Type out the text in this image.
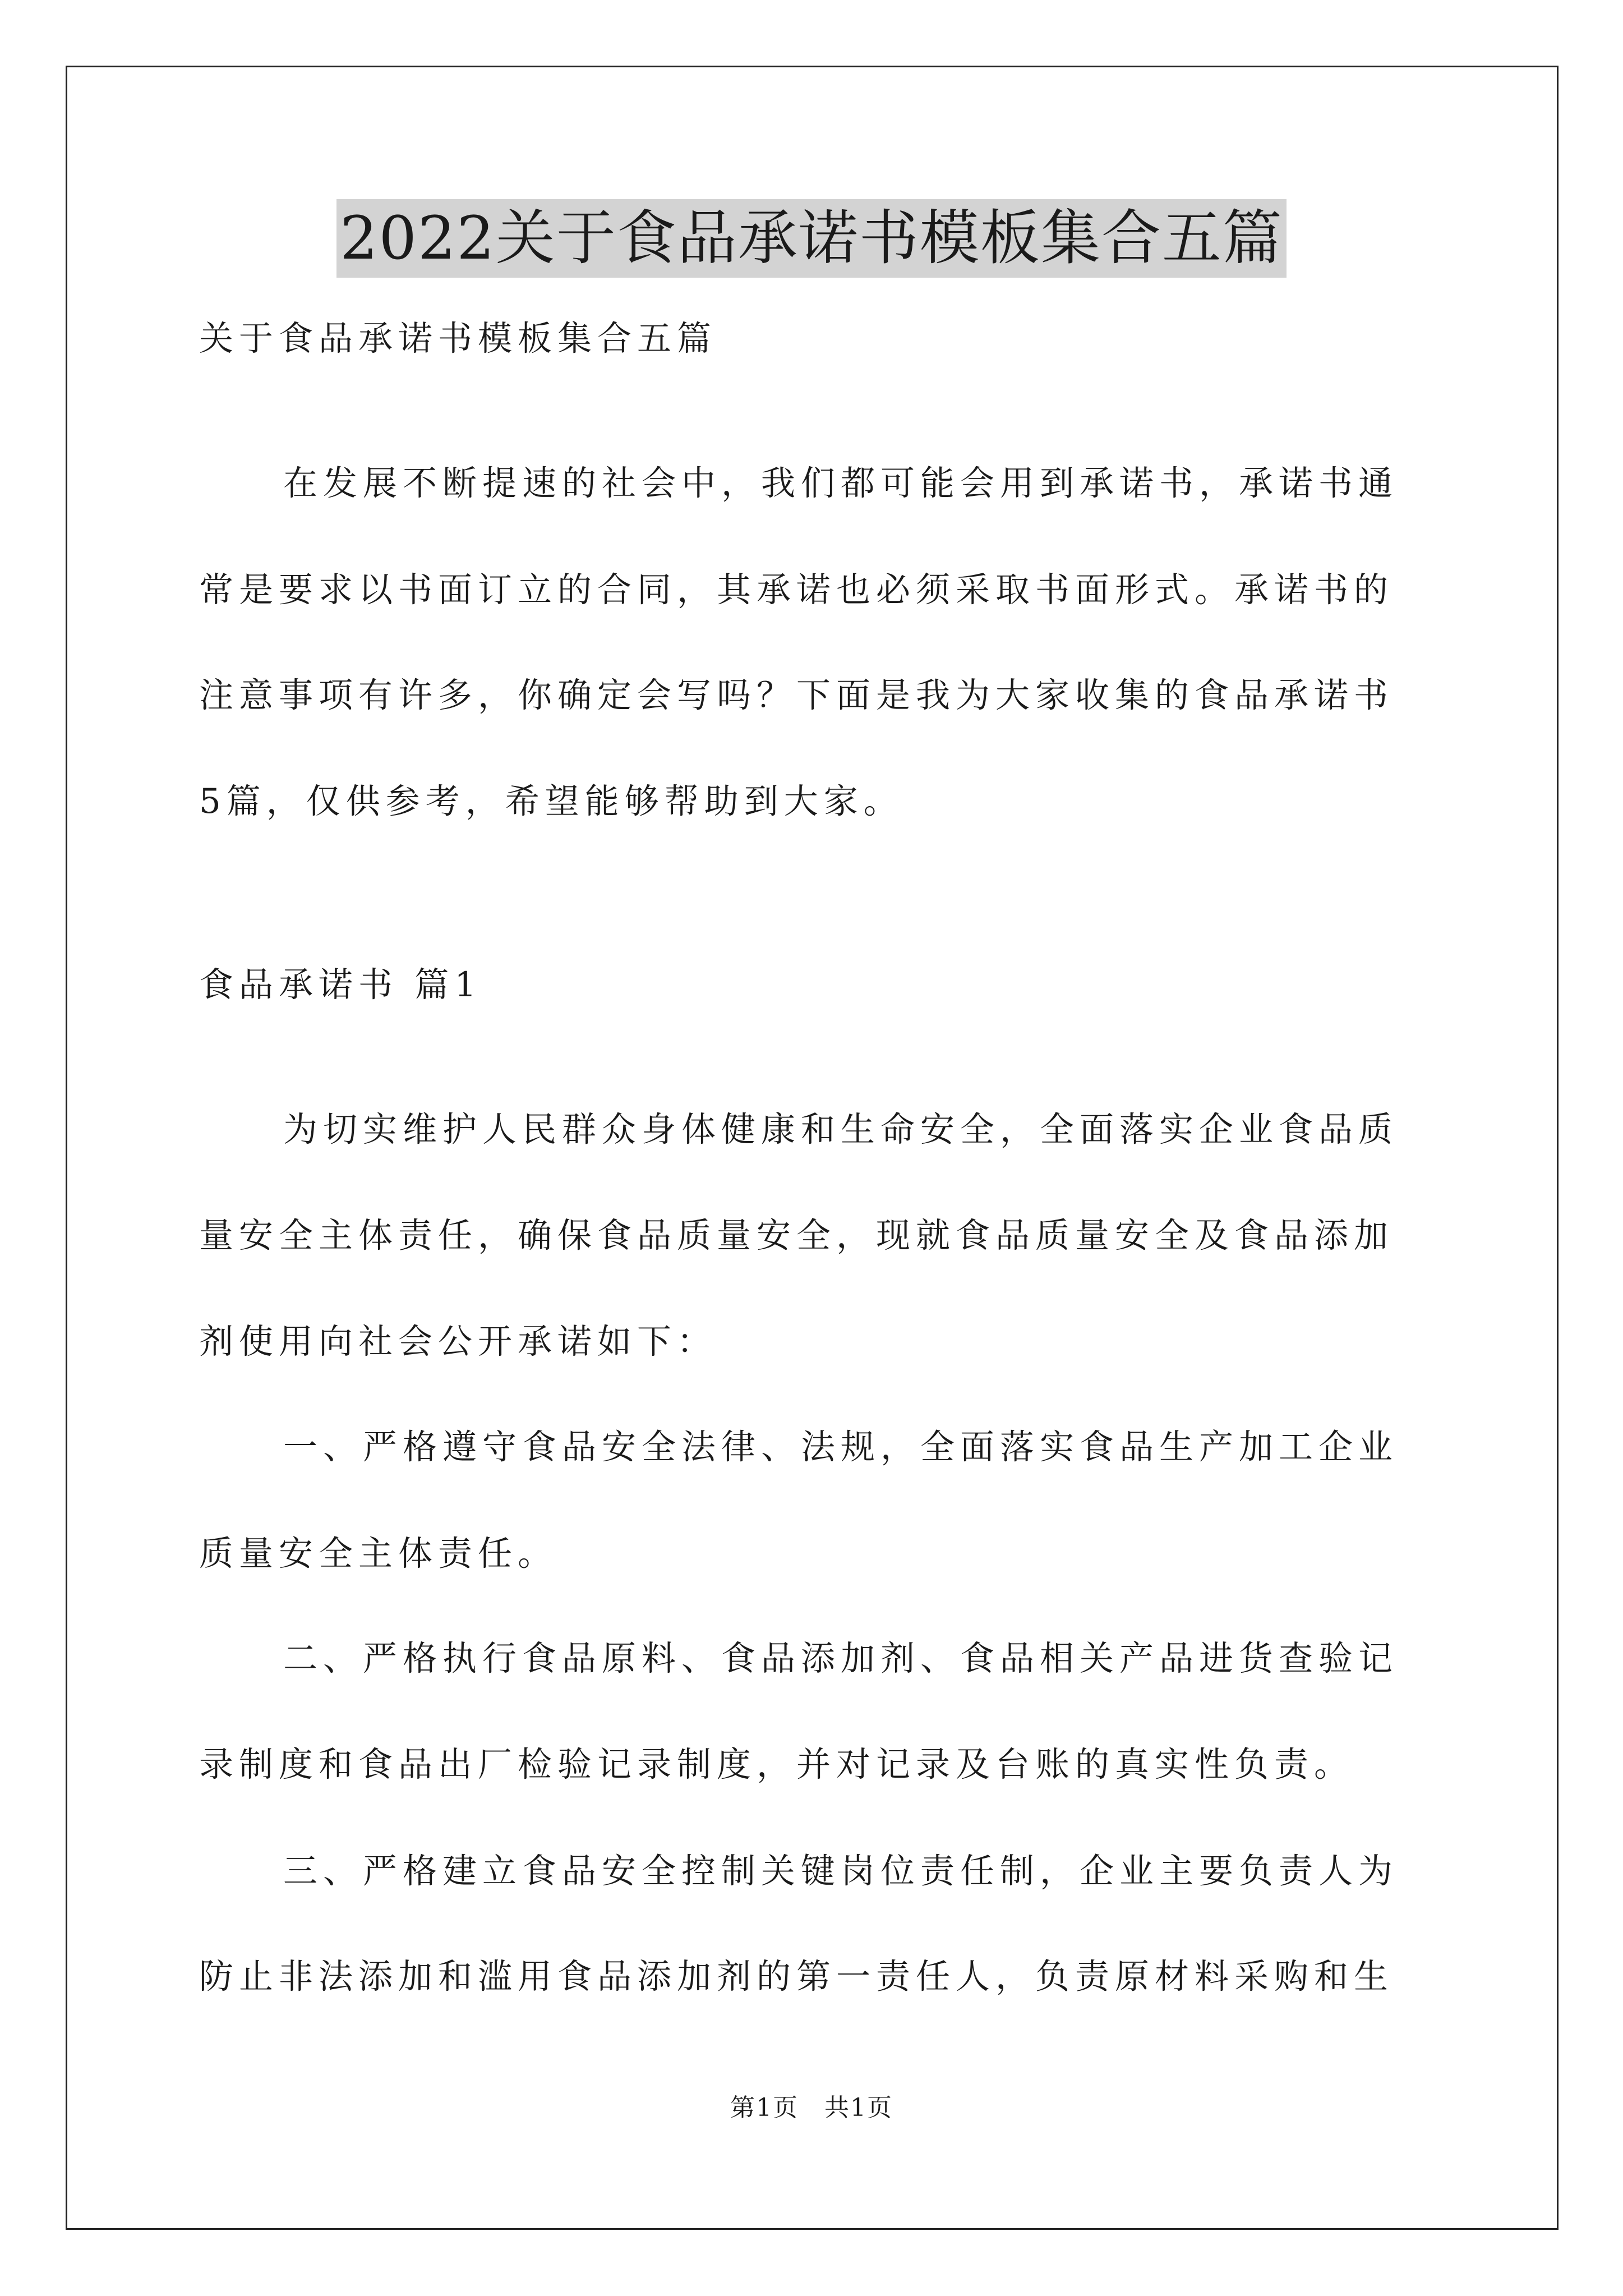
2022关于食品承诺书模板集合五篇

关于食品承诺书模板集合五篇

在发展不断提速的社会中，我们都可能会用到承诺书，承诺书通

常是要求以书面订立的合同，其承诺也必须采取书面形式。承诺书的

注意事项有许多，你确定会写吗？下面是我为大家收集的食品承诺书

5篇，仅供参考，希望能够帮助到大家。

食品承诺书 篇1

为切实维护人民群众身体健康和生命安全，全面落实企业食品质

量安全主体责任，确保食品质量安全，现就食品质量安全及食品添加

剂使用向社会公开承诺如下：

一、严格遵守食品安全法律、法规，全面落实食品生产加工企业

质量安全主体责任。

二、严格执行食品原料、食品添加剂、食品相关产品进货查验记

录制度和食品出厂检验记录制度，并对记录及台账的真实性负责。

三、严格建立食品安全控制关键岗位责任制，企业主要负责人为

防止非法添加和滥用食品添加剂的第一责任人，负责原材料采购和生

第1页　共1页
